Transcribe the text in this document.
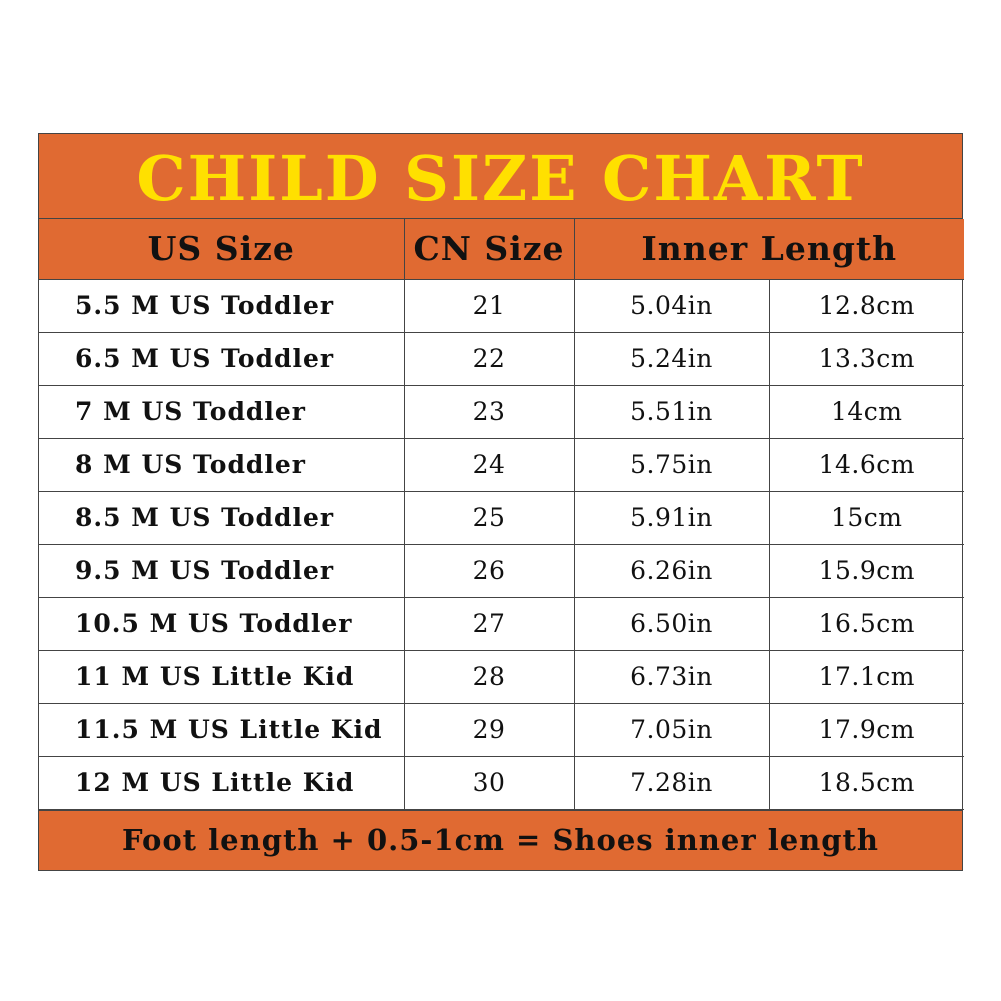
CHILD SIZE CHART
US Size	CN Size	Inner Length	
5.5 M US Toddler	21	5.04in	12.8cm
6.5 M US Toddler	22	5.24in	13.3cm
7 M US Toddler	23	5.51in	14cm
8 M US Toddler	24	5.75in	14.6cm
8.5 M US Toddler	25	5.91in	15cm
9.5 M US Toddler	26	6.26in	15.9cm
10.5 M US Toddler	27	6.50in	16.5cm
11 M US Little Kid	28	6.73in	17.1cm
11.5 M US Little Kid	29	7.05in	17.9cm
12 M US Little Kid	30	7.28in	18.5cm
Foot length + 0.5-1cm = Shoes inner length
